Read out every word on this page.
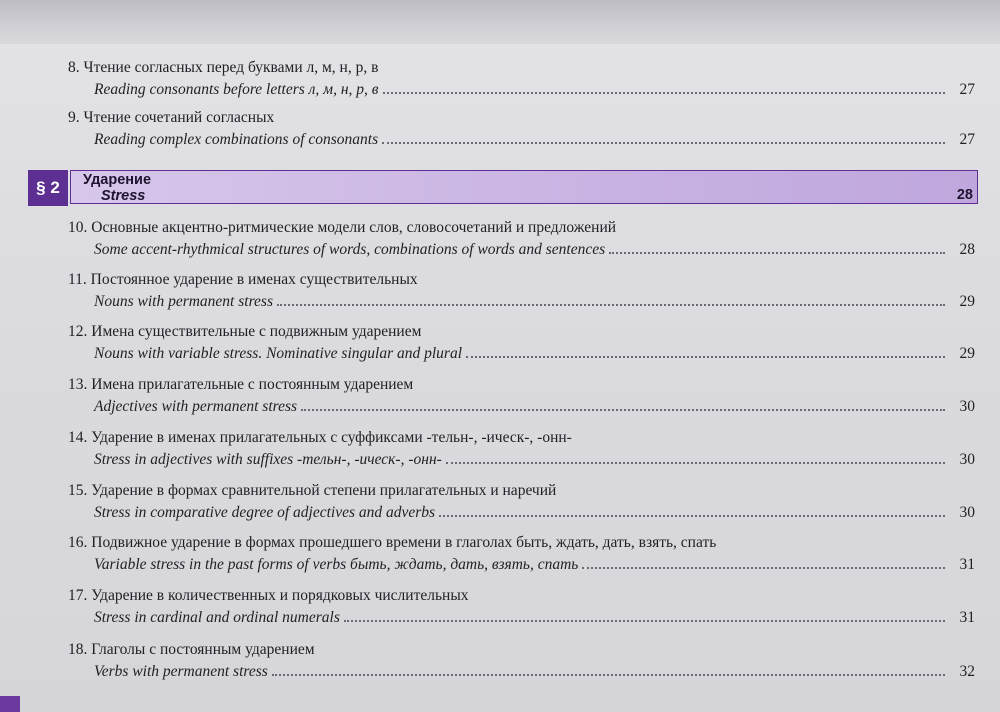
8. Чтение согласных перед буквами л, м, н, р, в
Reading consonants before letters л, м, н, р, в	27
9. Чтение сочетаний согласных
Reading complex combinations of consonants	27
§ 2	Ударение
Stress	28
10. Основные акцентно-ритмические модели слов, словосочетаний и предложений
Some accent-rhythmical structures of words, combinations of words and sentences	28
11. Постоянное ударение в именах существительных
Nouns with permanent stress	29
12. Имена существительные с подвижным ударением
Nouns with variable stress. Nominative singular and plural	29
13. Имена прилагательные с постоянным ударением
Adjectives with permanent stress	30
14. Ударение в именах прилагательных с суффиксами -тельн-, -ическ-, -онн-
Stress in adjectives with suffixes -тельн-, -ическ-, -онн-	30
15. Ударение в формах сравнительной степени прилагательных и наречий
Stress in comparative degree of adjectives and adverbs	30
16. Подвижное ударение в формах прошедшего времени в глаголах быть, ждать, дать, взять, спать
Variable stress in the past forms of verbs быть, ждать, дать, взять, спать	31
17. Ударение в количественных и порядковых числительных
Stress in cardinal and ordinal numerals	31
18. Глаголы с постоянным ударением
Verbs with permanent stress	32
